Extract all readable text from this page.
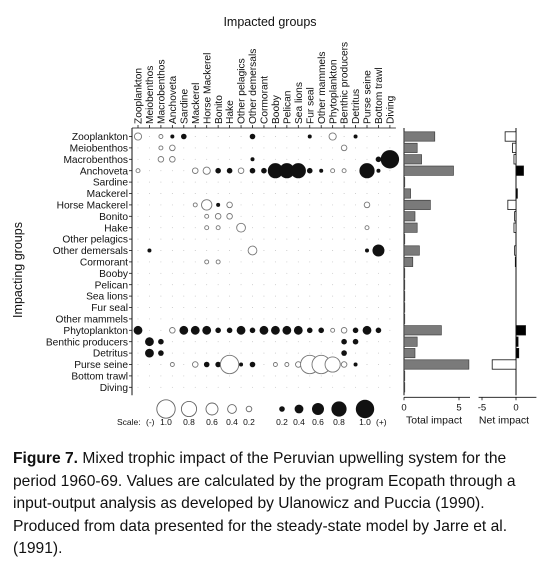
Impacted groups
Zooplankton Meiobenthos Macrobenthos Anchoveta Sardine Mackerel Horse Mackerel Bonito Hake Other pelagics Other demersals Cormorant Booby Pelican Sea lions Fur seal Other mammels Phytoplankton Benthic producers Detritus Purse seine Bottom trawl Diving
Zooplankton
Meiobenthos
Macrobenthos
Anchoveta
Sardine
Mackerel
Horse Mackerel
Bonito
Hake
Other pelagics
Other demersals
Cormorant
Booby
Pelican
Sea lions
Fur seal
Other mammels
Phytoplankton
Benthic producers
Detritus
Purse seine
Bottom trawl
Diving
Impacting groups
0	5
Total impact
-5	0
Net impact
Scale: (-) 1.0 0.8 0.6 0.4 0.2 0.2 0.4 0.6 0.8 1.0 (+)
Figure 7. Mixed trophic impact of the Peruvian upwelling system for the period 1960-69. Values are calculated by the program Ecopath through a input-output analysis as developed by Ulanowicz and Puccia (1990). Produced from data presented for the steady-state model by Jarre et al. (1991).
